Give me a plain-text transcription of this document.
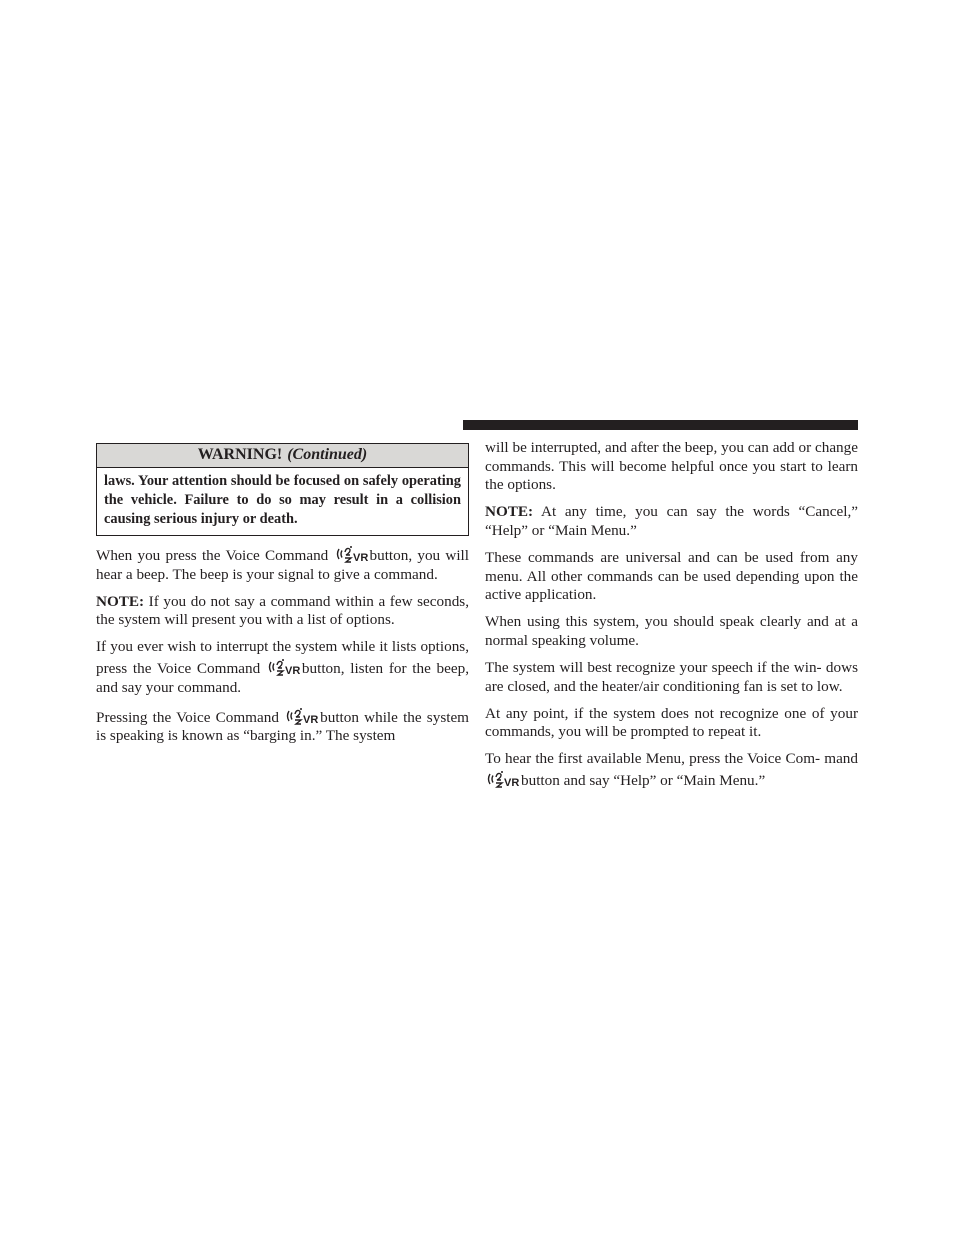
WARNING! (Continued)
laws. Your attention should be focused on safely operating the vehicle. Failure to do so may result in a collision causing serious injury or death.

When you press the Voice Command VR button, you will hear a beep. The beep is your signal to give a command.

NOTE: If you do not say a command within a few seconds, the system will present you with a list of options.

If you ever wish to interrupt the system while it lists options, press the Voice Command VR button, listen for the beep, and say your command.

Pressing the Voice Command VR button while the system is speaking is known as “barging in.” The system

will be interrupted, and after the beep, you can add or change commands. This will become helpful once you start to learn the options.

NOTE: At any time, you can say the words “Cancel,” “Help” or “Main Menu.”

These commands are universal and can be used from any menu. All other commands can be used depending upon the active application.

When using this system, you should speak clearly and at a normal speaking volume.

The system will best recognize your speech if the win- dows are closed, and the heater/air conditioning fan is set to low.

At any point, if the system does not recognize one of your commands, you will be prompted to repeat it.

To hear the first available Menu, press the Voice Com- mand
VR button and say “Help” or “Main Menu.”
